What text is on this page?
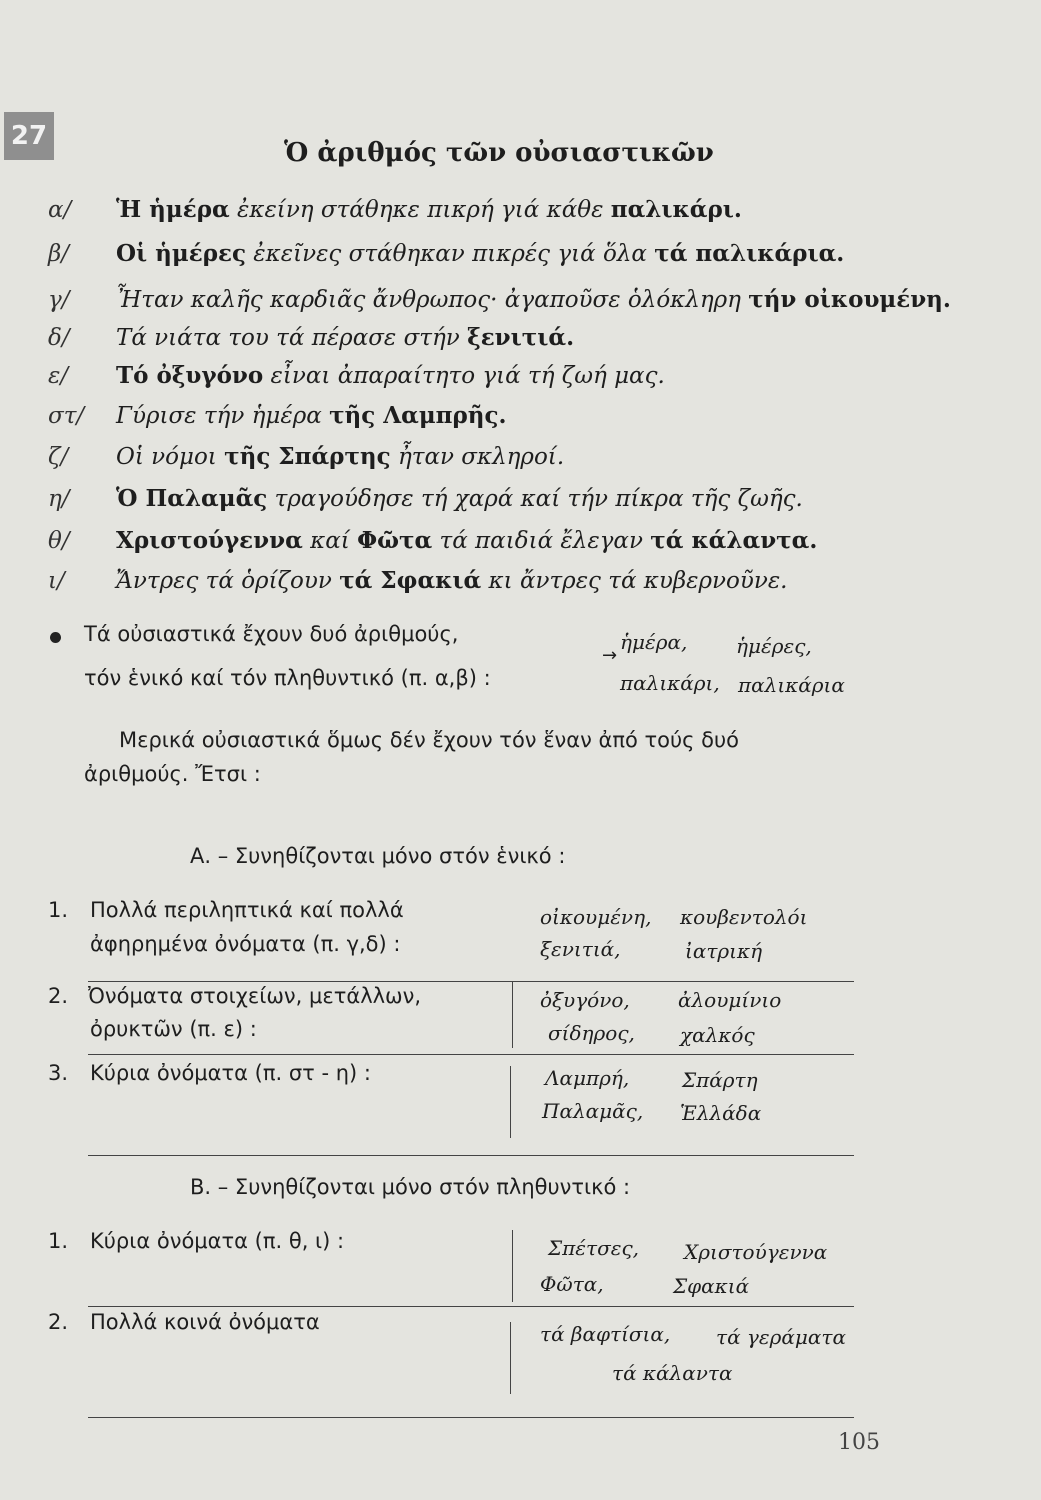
27
Ὁ ἀριθμός τῶν οὐσιαστικῶν
α/ Ἡ ἡμέρα ἐκείνη στάθηκε πικρή γιά κάθε παλικάρι.
β/ Οἱ ἡμέρες ἐκεῖνες στάθηκαν πικρές γιά ὅλα τά παλικάρια.
γ/ Ἦταν καλῆς καρδιᾶς ἄνθρωπος· ἀγαποῦσε ὁλόκληρη τήν οἰκουμένη.
δ/ Τά νιάτα του τά πέρασε στήν ξενιτιά.
ε/ Τό ὀξυγόνο εἶναι ἀπαραίτητο γιά τή ζωή μας.
στ/ Γύρισε τήν ἡμέρα τῆς Λαμπρῆς.
ζ/ Οἱ νόμοι τῆς Σπάρτης ἦταν σκληροί.
η/ Ὁ Παλαμᾶς τραγούδησε τή χαρά καί τήν πίκρα τῆς ζωῆς.
θ/ Χριστούγεννα καί Φῶτα τά παιδιά ἔλεγαν τά κάλαντα.
ι/ Ἄντρες τά ὁρίζουν τά Σφακιά κι ἄντρες τά κυβερνοῦνε.
Τά οὐσιαστικά ἔχουν δυό ἀριθμούς,
τόν ἑνικό καί τόν πληθυντικό (π. α,β) :
ἡμέρα, ἡμέρες,
→
παλικάρι, παλικάρια
Μερικά οὐσιαστικά ὅμως δέν ἔχουν τόν ἕναν ἀπό τούς δυό
ἀριθμούς. Ἔτσι :
Α. – Συνηθίζονται μόνο στόν ἑνικό :
1. Πολλά περιληπτικά καί πολλά
ἀφηρημένα ὀνόματα (π. γ,δ) :
οἰκουμένη, κουβεντολόι
ξενιτιά,	ἰατρική
2. Ὀνόματα στοιχείων, μετάλλων,
ὀρυκτῶν (π. ε) :
ὀξυγόνο, ἀλουμίνιο
σίδηρος, χαλκός
3. Κύρια ὀνόματα (π. στ - η) :	Λαμπρή,	Σπάρτη
Παλαμᾶς, Ἑλλάδα
Β. – Συνηθίζονται μόνο στόν πληθυντικό :
1. Κύρια ὀνόματα (π. θ, ι) :	Σπέτσες, Χριστούγεννα
Φῶτα,	Σφακιά
2. Πολλά κοινά ὀνόματα	τά βαφτίσια, τά γεράματα
τά κάλαντα
105
